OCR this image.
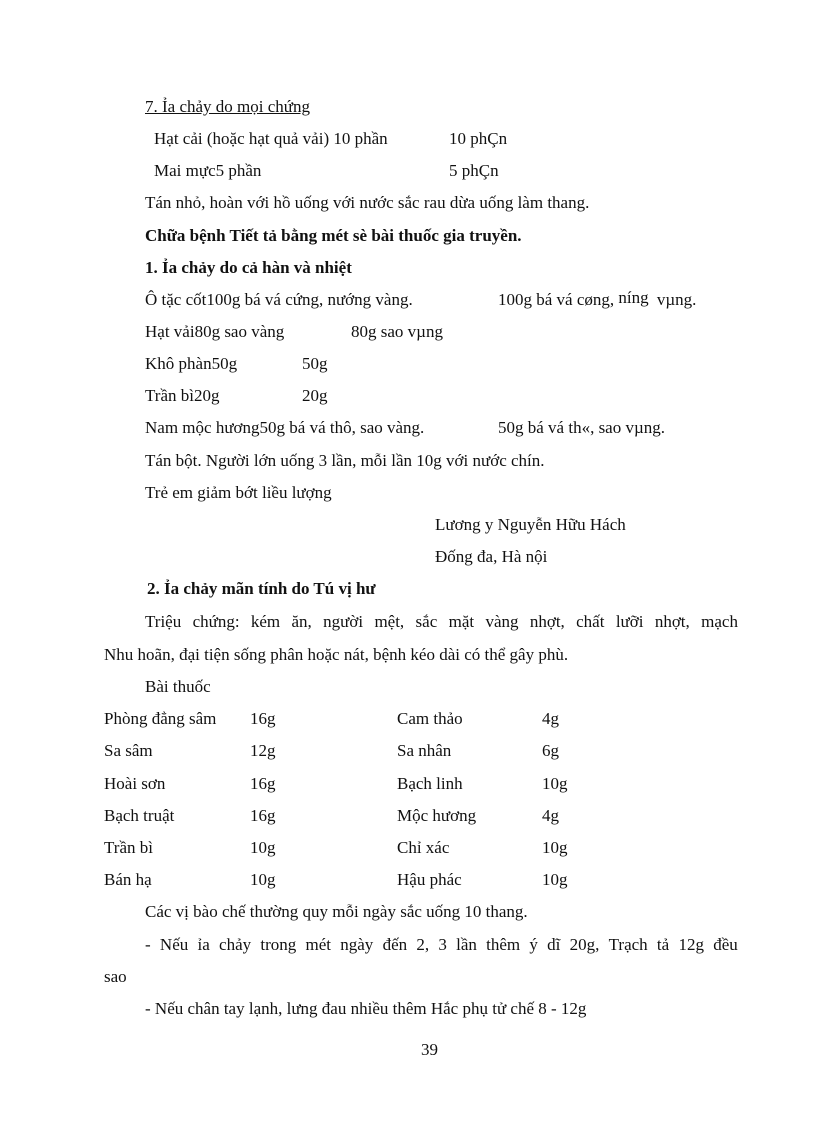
7. Ỉa chảy do mọi chứng
Hạt cải (hoặc hạt quả vải) 10 phần	10 phÇn
Mai mực5 phần	5 phÇn
Tán nhỏ, hoàn với hồ uống với nước sắc rau dừa uống làm thang.
Chữa bệnh Tiết tả bằng mét sè bài thuốc gia truyền.
1. Ỉa chảy do cả hàn và nhiệt
Ô tặc cốt100g bá vá cứng, nướng vàng.	100g bá vá cøng, níng vµng.
Hạt vải80g sao vàng	80g sao vµng
Khô phàn50g	50g
Trần bì20g	20g
Nam mộc hương50g bá vá thô, sao vàng.	50g bá vá th«, sao vµng.
Tán bột. Người lớn uống 3 lần, mỗi lần 10g với nước chín.
Trẻ em giảm bớt liều lượng
Lương y Nguyễn Hữu Hách
Đống đa, Hà nội
2. Ỉa chảy mãn tính do Tú vị hư
Triệu chứng: kém ăn, người mệt, sắc mặt vàng nhợt, chất lưỡi nhợt, mạch
Nhu hoãn, đại tiện sống phân hoặc nát, bệnh kéo dài có thể gây phù.
Bài thuốc
Phòng đẳng sâm 16g	Cam thảo	4g
Sa sâm	12g	Sa nhân	6g
Hoài sơn	16g	Bạch linh	10g
Bạch truật	16g	Mộc hương	4g
Trần bì	10g	Chỉ xác	10g
Bán hạ	10g	Hậu phác	10g
Các vị bào chế thường quy mỗi ngày sắc uống 10 thang.
- Nếu ỉa chảy trong mét ngày đến 2, 3 lần thêm ý dĩ 20g, Trạch tả 12g đều
sao
- Nếu chân tay lạnh, lưng đau nhiều thêm Hắc phụ tử chế 8 - 12g
39
